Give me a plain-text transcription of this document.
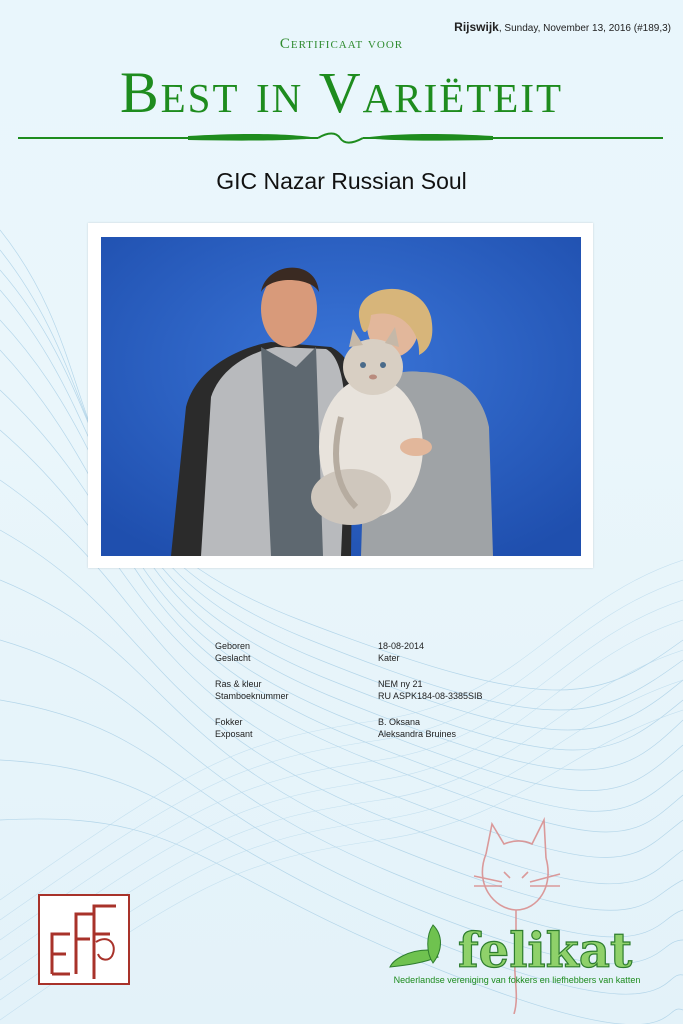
Rijswijk, Sunday, November 13, 2016 (#189,3)
Certificaat voor
Best in Variëteit
GIC Nazar Russian Soul
Geboren	18-08-2014
Geslacht	Kater
Ras & kleur	NEM ny 21
Stamboeknummer	RU ASPK184-08-3385SIB
Fokker	B. Oksana
Exposant	Aleksandra Bruines
felikat
Nederlandse vereniging van fokkers en liefhebbers van katten
